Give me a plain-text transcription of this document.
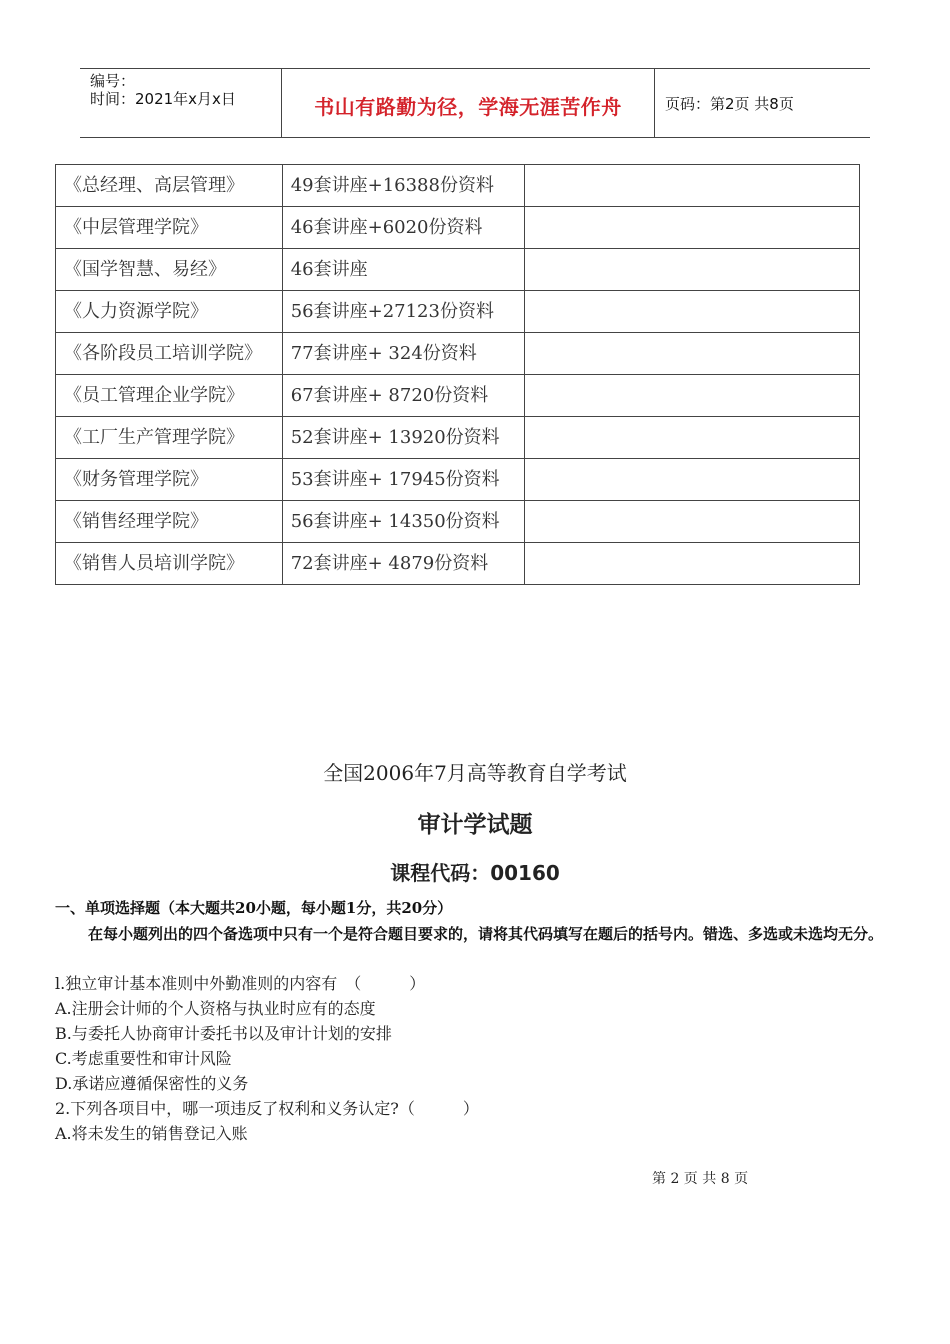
编号：
时间：2021年x月x日	书山有路勤为径，学海无涯苦作舟	页码：第2页 共8页
《总经理、高层管理》	49套讲座+16388份资料	
《中层管理学院》	46套讲座+6020份资料	
《国学智慧、易经》	46套讲座	
《人力资源学院》	56套讲座+27123份资料	
《各阶段员工培训学院》	77套讲座+ 324份资料	
《员工管理企业学院》	67套讲座+ 8720份资料	
《工厂生产管理学院》	52套讲座+ 13920份资料	
《财务管理学院》	53套讲座+ 17945份资料	
《销售经理学院》	56套讲座+ 14350份资料	
《销售人员培训学院》	72套讲座+ 4879份资料	
全国2006年7月高等教育自学考试
审计学试题
课程代码：00160
一、单项选择题（本大题共20小题，每小题1分，共20分）
在每小题列出的四个备选项中只有一个是符合题目要求的，请将其代码填写在题后的括号内。错选、多选或未选均无分。
l.独立审计基本准则中外勤准则的内容有　（　　　）
A.注册会计师的个人资格与执业时应有的态度
B.与委托人协商审计委托书以及审计计划的安排
C.考虑重要性和审计风险
D.承诺应遵循保密性的义务
2.下列各项目中，哪一项违反了权利和义务认定?（　　　）
A.将未发生的销售登记入账
第 2 页 共 8 页
